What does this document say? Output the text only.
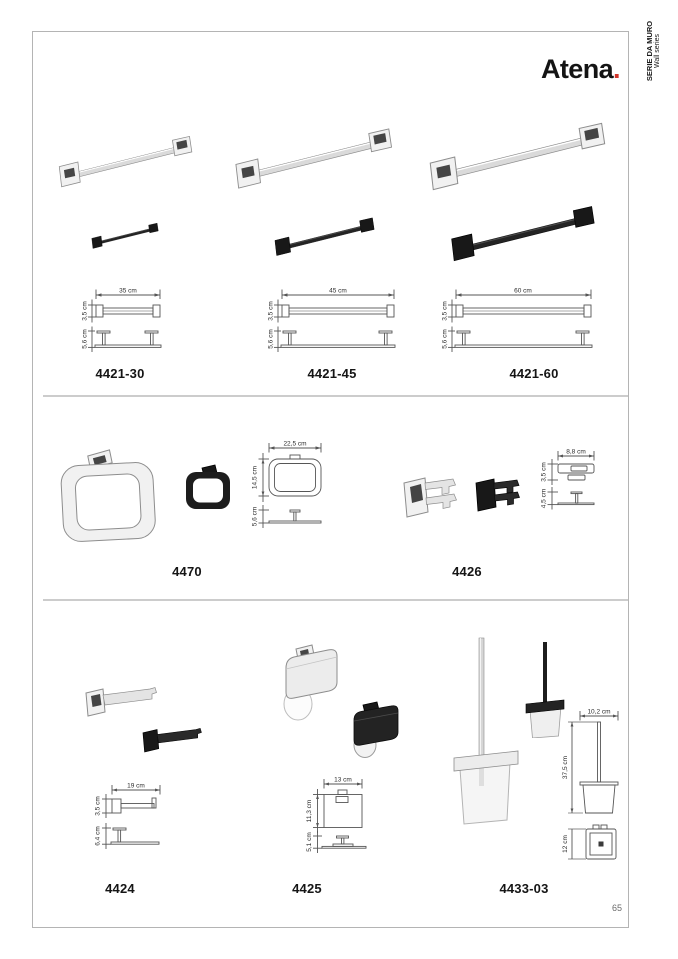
Atena.	SERIE DA MURO Wall series
35 cm
3,5 cm
5,6 cm
45 cm
3,5 cm
5,6 cm
60 cm
3,5 cm
5,6 cm
4421-30	4421-45	4421-60
22,5 cm
14,5 cm
5,6 cm
8,8 cm
3,5 cm
4,5 cm
4470	4426
19 cm
3,5 cm
6,4 cm
13 cm
11,3 cm
5,1 cm
10,2 cm
37,5 cm
12 cm
4424	4425	4433-03
65
